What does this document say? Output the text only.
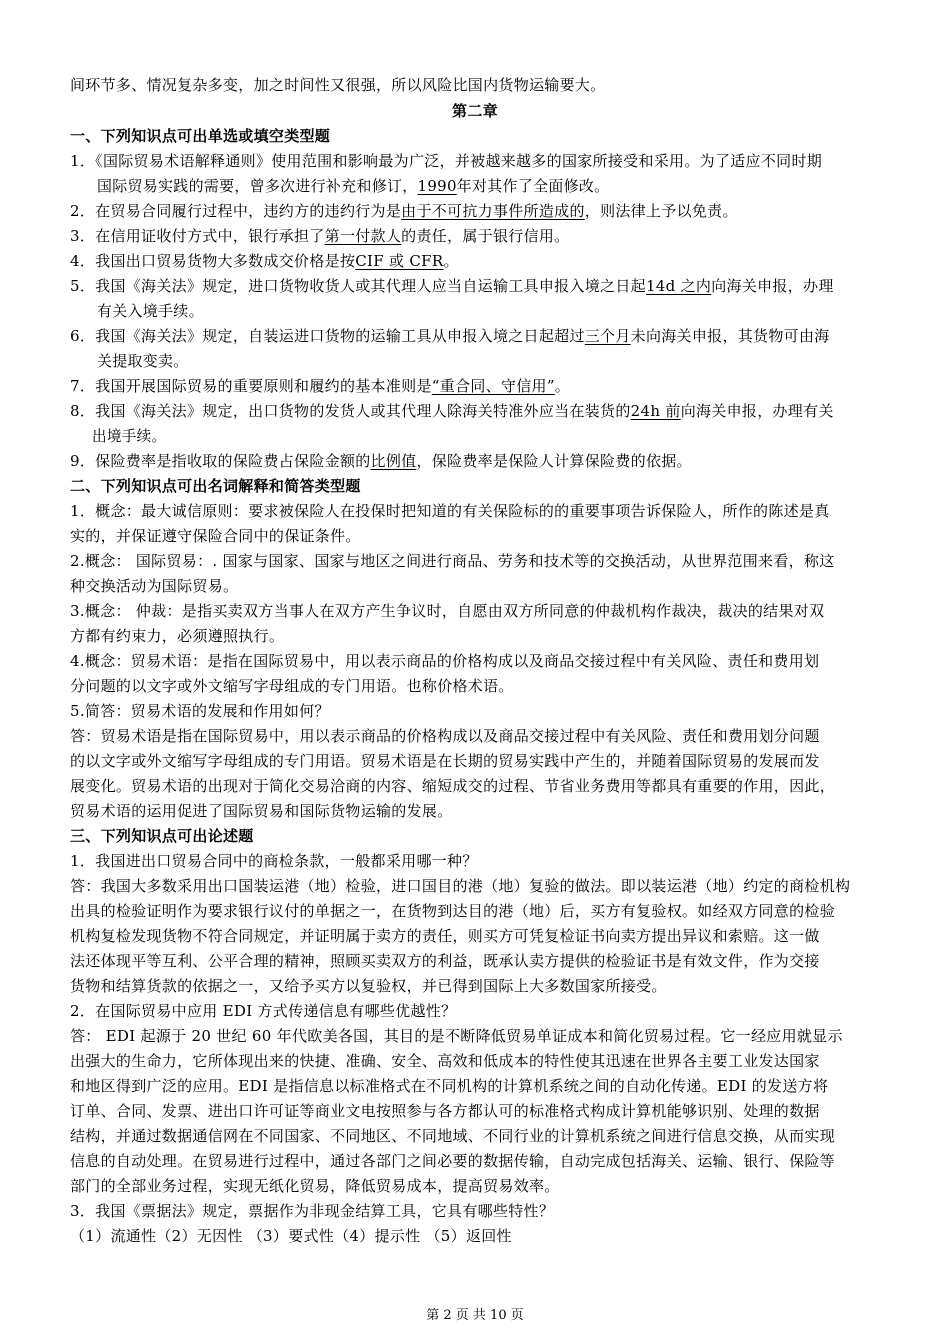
间环节多、情况复杂多变，加之时间性又很强，所以风险比国内货物运输要大。
第二章
一、下列知识点可出单选或填空类型题
1．《国际贸易术语解释通则》使用范围和影响最为广泛，并被越来越多的国家所接受和采用。为了适应不同时期
国际贸易实践的需要，曾多次进行补充和修订，1990年对其作了全面修改。
2．在贸易合同履行过程中，违约方的违约行为是由于不可抗力事件所造成的，则法律上予以免责。
3．在信用证收付方式中，银行承担了第一付款人的责任，属于银行信用。
4．我国出口贸易货物大多数成交价格是按CIF 或 CFR。
5．我国《海关法》规定，进口货物收货人或其代理人应当自运输工具申报入境之日起14d 之内向海关申报，办理
有关入境手续。
6．我国《海关法》规定，自装运进口货物的运输工具从申报入境之日起超过三个月未向海关申报，其货物可由海
关提取变卖。
7．我国开展国际贸易的重要原则和履约的基本准则是“重合同、守信用”。
8．我国《海关法》规定，出口货物的发货人或其代理人除海关特准外应当在装货的24h 前向海关申报，办理有关
出境手续。
9．保险费率是指收取的保险费占保险金额的比例值，保险费率是保险人计算保险费的依据。
二、下列知识点可出名词解释和简答类型题
1．概念：最大诚信原则：要求被保险人在投保时把知道的有关保险标的的重要事项告诉保险人，所作的陈述是真
实的，并保证遵守保险合同中的保证条件。
2.概念： 国际贸易：. 国家与国家、国家与地区之间进行商品、劳务和技术等的交换活动，从世界范围来看，称这
种交换活动为国际贸易。
3.概念： 仲裁：是指买卖双方当事人在双方产生争议时，自愿由双方所同意的仲裁机构作裁决，裁决的结果对双
方都有约束力，必须遵照执行。
4.概念：贸易术语：是指在国际贸易中，用以表示商品的价格构成以及商品交接过程中有关风险、责任和费用划
分问题的以文字或外文缩写字母组成的专门用语。也称价格术语。
5.简答：贸易术语的发展和作用如何？
答：贸易术语是指在国际贸易中，用以表示商品的价格构成以及商品交接过程中有关风险、责任和费用划分问题
的以文字或外文缩写字母组成的专门用语。贸易术语是在长期的贸易实践中产生的，并随着国际贸易的发展而发
展变化。贸易术语的出现对于简化交易洽商的内容、缩短成交的过程、节省业务费用等都具有重要的作用，因此，
贸易术语的运用促进了国际贸易和国际货物运输的发展。
三、下列知识点可出论述题
1．我国进出口贸易合同中的商检条款，一般都采用哪一种？
答：我国大多数采用出口国装运港（地）检验，进口国目的港（地）复验的做法。即以装运港（地）约定的商检机构
出具的检验证明作为要求银行议付的单据之一，在货物到达目的港（地）后，买方有复验权。如经双方同意的检验
机构复检发现货物不符合同规定，并证明属于卖方的责任，则买方可凭复检证书向卖方提出异议和索赔。这一做
法还体现平等互利、公平合理的精神，照顾买卖双方的利益，既承认卖方提供的检验证书是有效文件，作为交接
货物和结算货款的依据之一，又给予买方以复验权，并已得到国际上大多数国家所接受。
2．在国际贸易中应用 EDI 方式传递信息有哪些优越性？
答： EDI 起源于 20 世纪 60 年代欧美各国，其目的是不断降低贸易单证成本和简化贸易过程。它一经应用就显示
出强大的生命力，它所体现出来的快捷、准确、安全、高效和低成本的特性使其迅速在世界各主要工业发达国家
和地区得到广泛的应用。EDI 是指信息以标准格式在不同机构的计算机系统之间的自动化传递。EDI 的发送方将
订单、合同、发票、进出口许可证等商业文电按照参与各方都认可的标准格式构成计算机能够识别、处理的数据
结构，并通过数据通信网在不同国家、不同地区、不同地域、不同行业的计算机系统之间进行信息交换，从而实现
信息的自动处理。在贸易进行过程中，通过各部门之间必要的数据传输，自动完成包括海关、运输、银行、保险等
部门的全部业务过程，实现无纸化贸易，降低贸易成本，提高贸易效率。
3．我国《票据法》规定，票据作为非现金结算工具，它具有哪些特性？
（1）流通性（2）无因性 （3）要式性（4）提示性 （5）返回性
第 2 页 共 10 页
